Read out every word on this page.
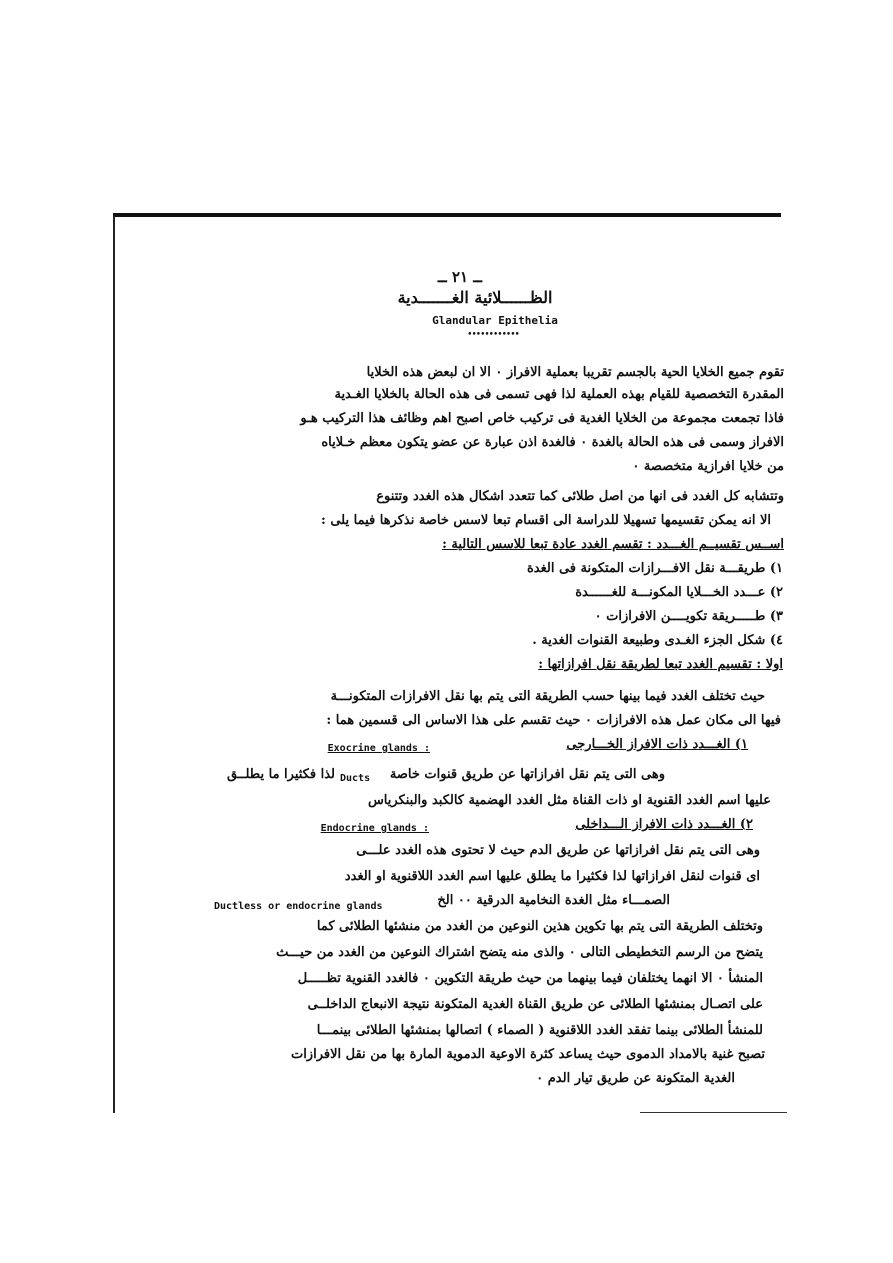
ــ ٢١ ــ
الظــــــلائية الغـــــــدية
Glandular Epithelia
••••••••••••
تقوم جميع الخلايا الحية بالجسم تقريبا بعملية الافراز ٠ الا ان لبعض هذه الخلايا
المقدرة التخصصية للقيام بهذه العملية لذا فهى تسمى فى هذه الحالة بالخلايا الغـدية
فاذا تجمعت مجموعة من الخلايا الغدية فى تركيب خاص اصبح اهم وظائف هذا التركيب هـو
الافراز وسمى فى هذه الحالة بالغدة ٠ فالغدة اذن عبارة عن عضو يتكون معظم خـلاياه
من خلايا افرازية متخصصة ٠
وتتشابه كل الغدد فى انها من اصل طلائى كما تتعدد اشكال هذه الغدد وتتنوع
الا انه يمكن تقسيمها تسهيلا للدراسة الى اقسام تبعا لاسس خاصة نذكرها فيما يلى :
اســس تقسيــم الغـــدد : تقسم الغدد عادة تبعا للاسس التالية :
١) طريقـــة نقل الافـــرازات المتكونة فى الغدة
٢) عـــدد الخـــلايا المكونـــة للغــــــدة
٣) طـــــريقة تكويــــن الافرازات ٠
٤) شكل الجزء الغـدى وطبيعة القنوات الغدية .
اولا : تقسيم الغدد تبعا لطريقة نقل افرازاتها :
حيث تختلف الغدد فيما بينها حسب الطريقة التى يتم بها نقل الافرازات المتكونـــة
فيها الى مكان عمل هذه الافرازات ٠ حيث تقسم على هذا الاساس الى قسمين هما :
١) الغـــدد ذات الافراز الخـــارجى
Exocrine glands :
وهى التى يتم نقل افرازاتها عن طريق قنوات خاصة
Ducts
لذا فكثيرا ما يطلــق
عليها اسم الغدد القنوية او ذات القناة مثل الغدد الهضمية كالكبد والبنكرياس
٢) الغـــدد ذات الافراز الـــداخلى
Endocrine glands :
وهى التى يتم نقل افرازاتها عن طريق الدم حيث لا تحتوى هذه الغدد علـــى
اى قنوات لنقل افرازاتها لذا فكثيرا ما يطلق عليها اسم الغدد اللاقنوية او الغدد
الصمـــاء مثل الغدة النخامية الدرقية ٠٠ الخ
Ductless or endocrine glands
وتختلف الطريقة التى يتم بها تكوين هذين النوعين من الغدد من منشئها الطلائى كما
يتضح من الرسم التخطيطى التالى ٠ والذى منه يتضح اشتراك النوعين من الغدد من حيـــث
المنشأ ٠ الا انهما يختلفان فيما بينهما من حيث طريقة التكوين ٠ فالغدد القنوية تظـــــل
على اتصـال بمنشئها الطلائى عن طريق القناة الغدية المتكونة نتيجة الانبعاج الداخلــى
للمنشأ الطلائى بينما تفقد الغدد اللاقنوية ( الصماء ) اتصالها بمنشئها الطلائى بينمـــا
تصبح غنية بالامداد الدموى حيث يساعد كثرة الاوعية الدموية المارة بها من نقل الافرازات
الغدية المتكونة عن طريق تيار الدم ٠
